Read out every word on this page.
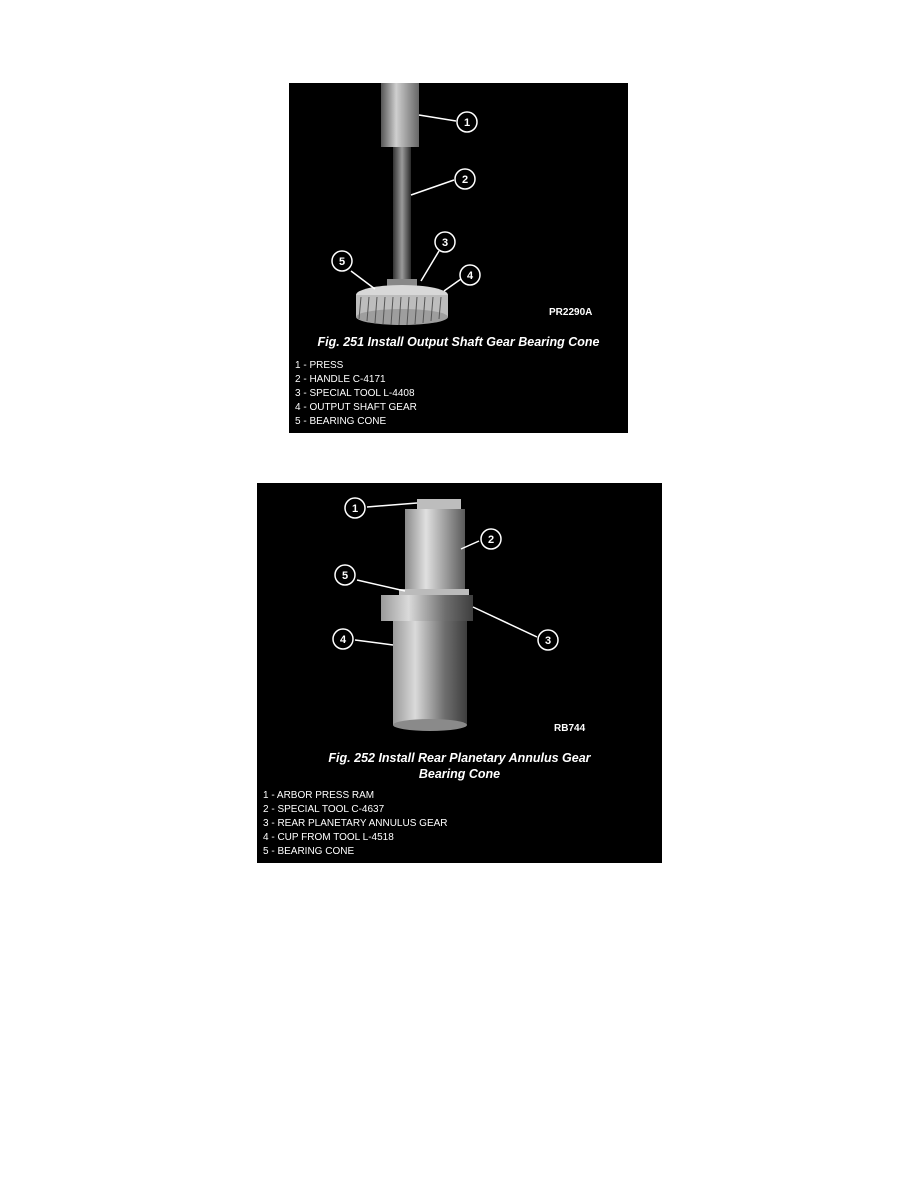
1
2
3
4
5
PR2290A
Fig. 251 Install Output Shaft Gear Bearing Cone
1 - PRESS
2 - HANDLE C-4171
3 - SPECIAL TOOL L-4408
4 - OUTPUT SHAFT GEAR
5 - BEARING CONE
1
2
3
4
5
RB744
Fig. 252 Install Rear Planetary Annulus Gear
Bearing Cone
1 - ARBOR PRESS RAM
2 - SPECIAL TOOL C-4637
3 - REAR PLANETARY ANNULUS GEAR
4 - CUP FROM TOOL L-4518
5 - BEARING CONE
